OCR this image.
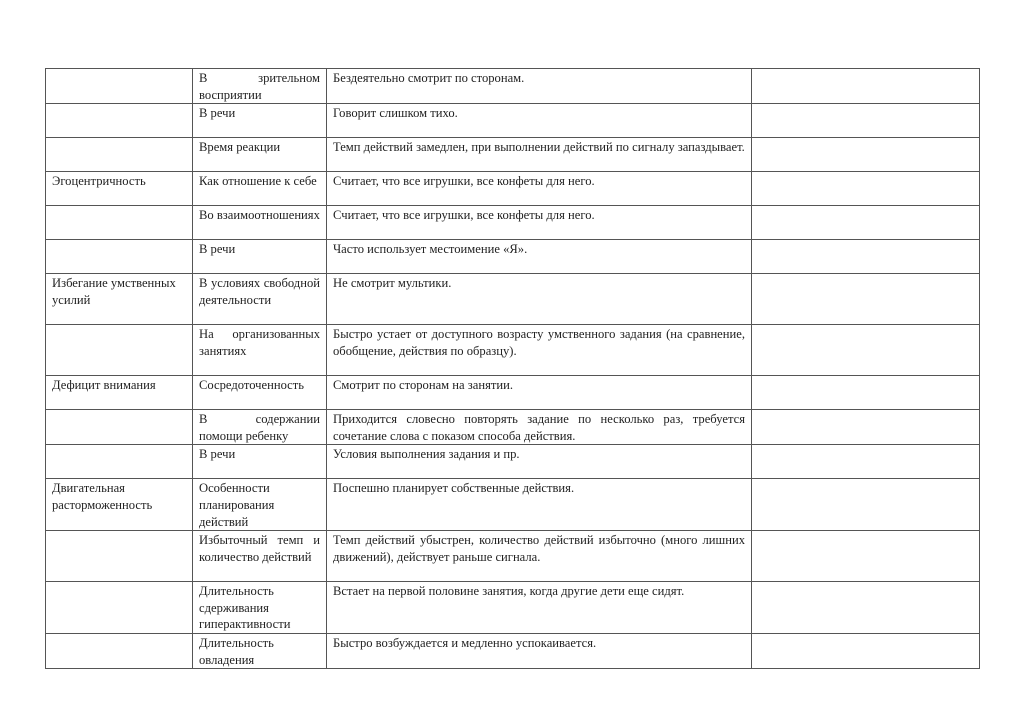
	В зрительном восприятии	Бездеятельно смотрит по сторонам.	
	В речи	Говорит слишком тихо.	
	Время реакции	Темп действий замедлен, при выполнении действий по сигналу запаздывает.	
Эгоцентричность	Как отношение к себе	Считает, что все игрушки, все конфеты для него.	
	Во взаимоотношениях	Считает, что все игрушки, все конфеты для него.	
	В речи	Часто использует местоимение «Я».	
Избегание умственных усилий	В условиях свободной деятельности	Не смотрит мультики.	
	На организованных занятиях	Быстро устает от доступного возрасту умственного задания (на сравнение, обобщение, действия по образцу).	
Дефицит внимания	Сосредоточенность	Смотрит по сторонам на занятии.	
	В содержании помощи ребенку	Приходится словесно повторять задание по несколько раз, требуется сочетание слова с показом способа действия.	
	В речи	Условия выполнения задания и пр.	
Двигательная расторможенность	Особенности планирования действий	Поспешно планирует собственные действия.	
	Избыточный темп и количество действий	Темп действий убыстрен, количество действий избыточно (много лишних движений), действует раньше сигнала.	
	Длительность сдерживания гиперактивности	Встает на первой половине занятия, когда другие дети еще сидят.	
	Длительность овладения	Быстро возбуждается и медленно успокаивается.	
